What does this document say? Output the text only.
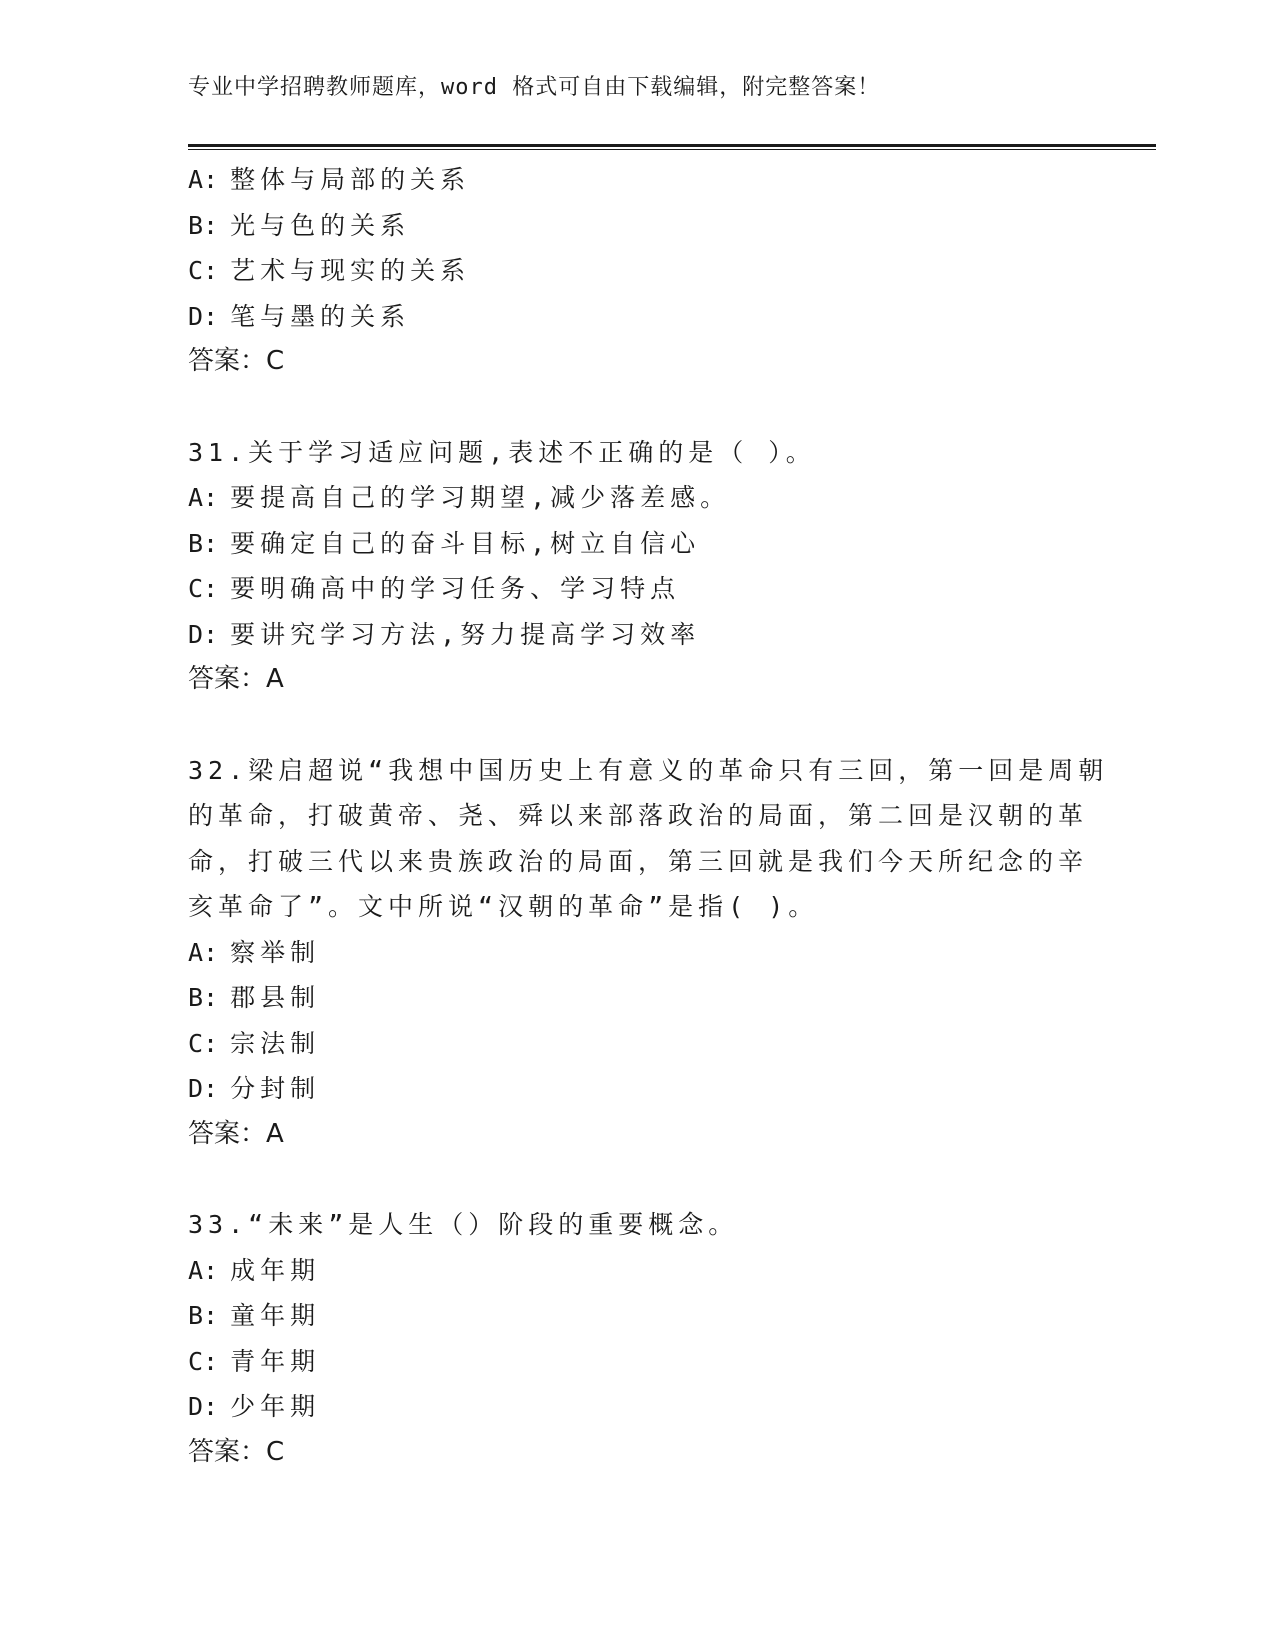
专业中学招聘教师题库，word 格式可自由下载编辑，附完整答案！
A: 整体与局部的关系
B: 光与色的关系
C: 艺术与现实的关系
D: 笔与墨的关系
答案：C
31.关于学习适应问题,表述不正确的是（ ）。
A: 要提高自己的学习期望,减少落差感。
B: 要确定自己的奋斗目标,树立自信心
C: 要明确高中的学习任务、学习特点
D: 要讲究学习方法,努力提高学习效率
答案：A
32.梁启超说“我想中国历史上有意义的革命只有三回，第一回是周朝
的革命，打破黄帝、尧、舜以来部落政治的局面，第二回是汉朝的革
命，打破三代以来贵族政治的局面，第三回就是我们今天所纪念的辛
亥革命了”。文中所说“汉朝的革命”是指( )。
A: 察举制
B: 郡县制
C: 宗法制
D: 分封制
答案：A
33.“未来”是人生（）阶段的重要概念。
A: 成年期
B: 童年期
C: 青年期
D: 少年期
答案：C
